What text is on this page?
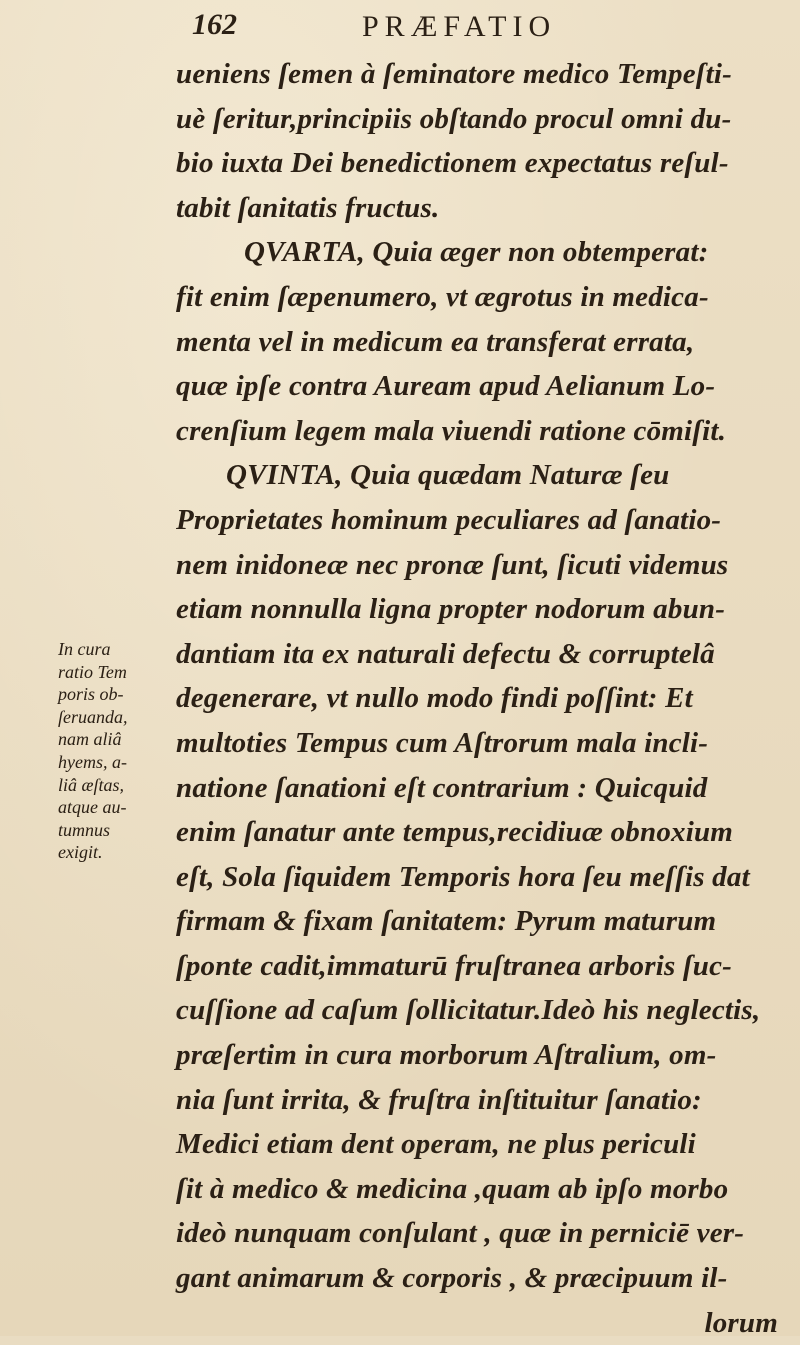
162	PRÆFATIO
ueniens ſemen à ſeminatore medico Tempeſti-
uè ſeritur,principiis obſtando procul omni du-
bio iuxta Dei benedictionem expectatus reſul-
tabit ſanitatis fructus.
QVARTA, Quia æger non obtemperat:
fit enim ſæpenumero, vt ægrotus in medica-
menta vel in medicum ea transferat errata,
quæ ipſe contra Auream apud Aelianum Lo-
crenſium legem mala viuendi ratione cōmiſit.
QVINTA, Quia quædam Naturæ ſeu
Proprietates hominum peculiares ad ſanatio-
nem inidoneæ nec pronæ ſunt, ſicuti videmus
etiam nonnulla ligna propter nodorum abun-
dantiam ita ex naturali defectu & corruptelâ
degenerare, vt nullo modo findi poſſint: Et
multoties Tempus cum Aſtrorum mala incli-
natione ſanationi eſt contrarium : Quicquid
enim ſanatur ante tempus,recidiuæ obnoxium
eſt, Sola ſiquidem Temporis hora ſeu meſſis dat
firmam & fixam ſanitatem: Pyrum maturum
ſponte cadit,immaturū fruſtranea arboris ſuc-
cuſſione ad caſum ſollicitatur.Ideò his neglectis,
præſertim in cura morborum Aſtralium, om-
nia ſunt irrita, & fruſtra inſtituitur ſanatio:
Medici etiam dent operam, ne plus periculi
ſit à medico & medicina ,quam ab ipſo morbo
ideò nunquam conſulant , quæ in perniciē ver-
gant animarum & corporis , & præcipuum il-
lorum
In cura
ratio Tem
poris ob-
ſeruanda,
nam aliâ
hyems, a-
liâ æſtas,
atque au-
tumnus
exigit.
